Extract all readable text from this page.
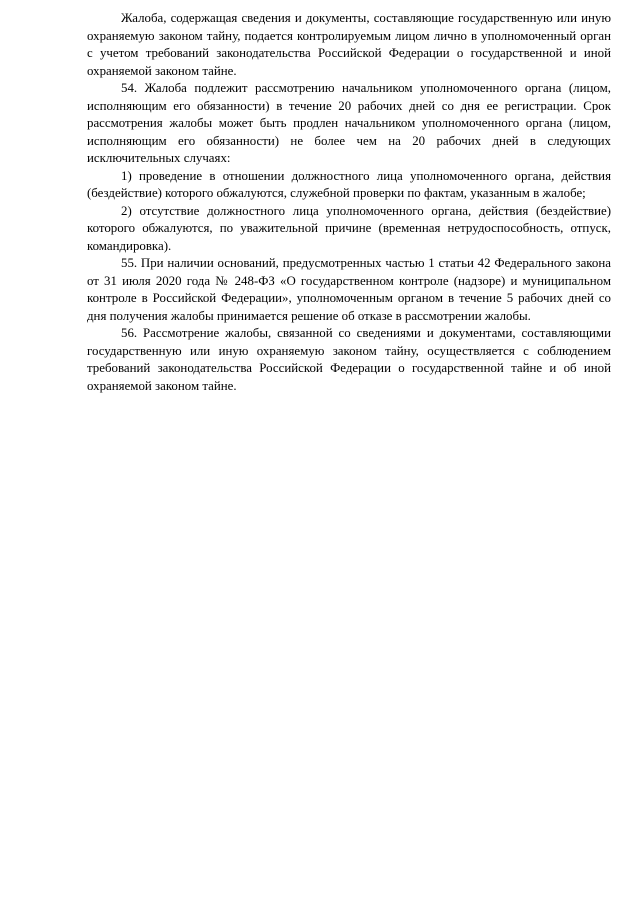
Жалоба, содержащая сведения и документы, составляющие государственную или иную охраняемую законом тайну, подается контролируемым лицом лично в уполномоченный орган с учетом требований законодательства Российской Федерации о государственной и иной охраняемой законом тайне.

54. Жалоба подлежит рассмотрению начальником уполномоченного органа (лицом, исполняющим его обязанности) в течение 20 рабочих дней со дня ее регистрации. Срок рассмотрения жалобы может быть продлен начальником уполномоченного органа (лицом, исполняющим его обязанности) не более чем на 20 рабочих дней в следующих исключительных случаях:

1) проведение в отношении должностного лица уполномоченного органа, действия (бездействие) которого обжалуются, служебной проверки по фактам, указанным в жалобе;

2) отсутствие должностного лица уполномоченного органа, действия (бездействие) которого обжалуются, по уважительной причине (временная нетрудоспособность, отпуск, командировка).

55. При наличии оснований, предусмотренных частью 1 статьи 42 Федерального закона от 31 июля 2020 года № 248-ФЗ «О государственном контроле (надзоре) и муниципальном контроле в Российской Федерации», уполномоченным органом в течение 5 рабочих дней со дня получения жалобы принимается решение об отказе в рассмотрении жалобы.

56. Рассмотрение жалобы, связанной со сведениями и документами, составляющими государственную или иную охраняемую законом тайну, осуществляется с соблюдением требований законодательства Российской Федерации о государственной тайне и об иной охраняемой законом тайне.
